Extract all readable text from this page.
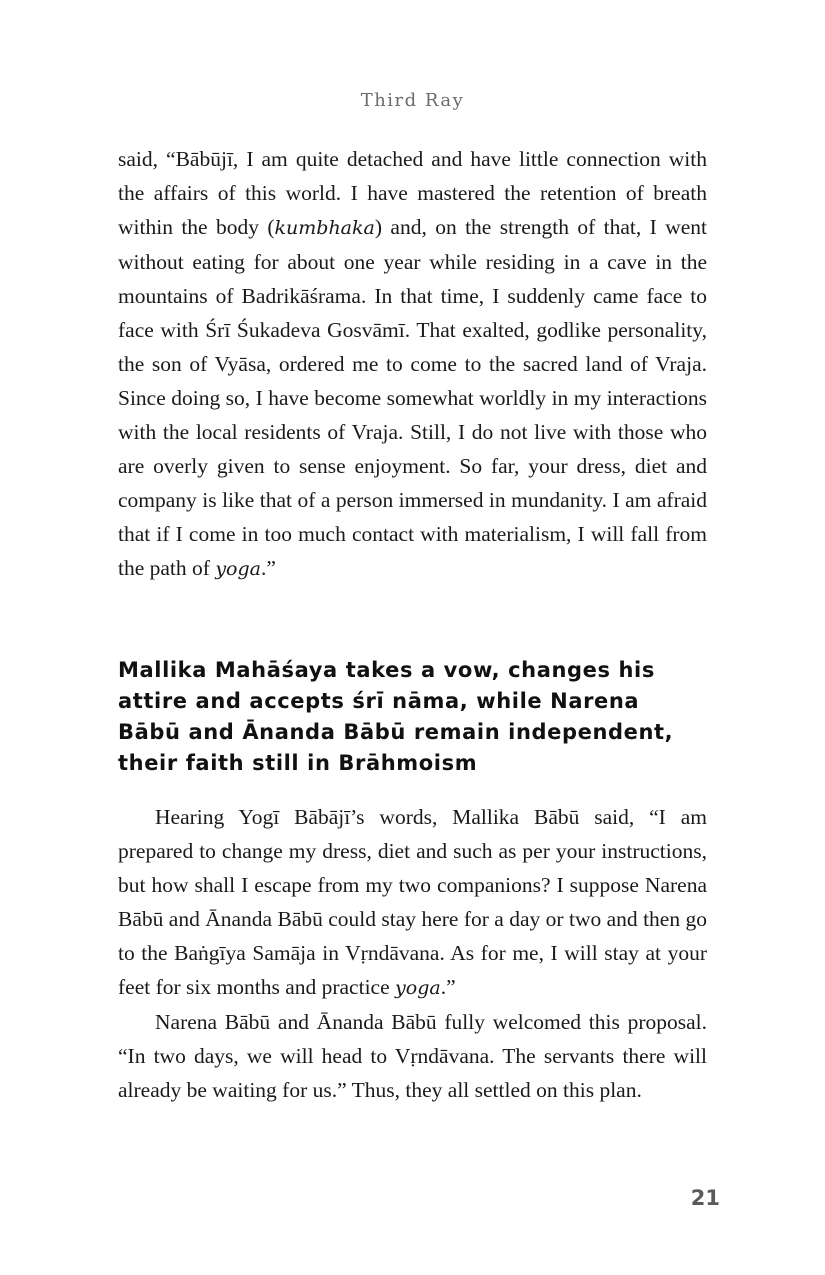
Third Ray

said, “Bābūjī, I am quite detached and have little connection with the affairs of this world. I have mastered the retention of breath within the body (kumbhaka) and, on the strength of that, I went without eating for about one year while residing in a cave in the mountains of Badrikāśrama. In that time, I suddenly came face to face with Śrī Śukadeva Gosvāmī. That exalted, godlike personality, the son of Vyāsa, ordered me to come to the sacred land of Vraja. Since doing so, I have become somewhat worldly in my interactions with the local residents of Vraja. Still, I do not live with those who are overly given to sense enjoyment. So far, your dress, diet and company is like that of a person immersed in mundanity. I am afraid that if I come in too much contact with materialism, I will fall from the path of yoga.”

Mallika Mahāśaya takes a vow, changes his attire and accepts śrī nāma, while Narena Bābū and Ānanda Bābū remain independent, their faith still in Brāhmoism

Hearing Yogī Bābājī’s words, Mallika Bābū said, “I am prepared to change my dress, diet and such as per your instructions, but how shall I escape from my two companions? I suppose Narena Bābū and Ānanda Bābū could stay here for a day or two and then go to the Baṅgīya Samāja in Vṛndāvana. As for me, I will stay at your feet for six months and practice yoga.”

Narena Bābū and Ānanda Bābū fully welcomed this proposal. “In two days, we will head to Vṛndāvana. The servants there will already be waiting for us.” Thus, they all settled on this plan.

21
